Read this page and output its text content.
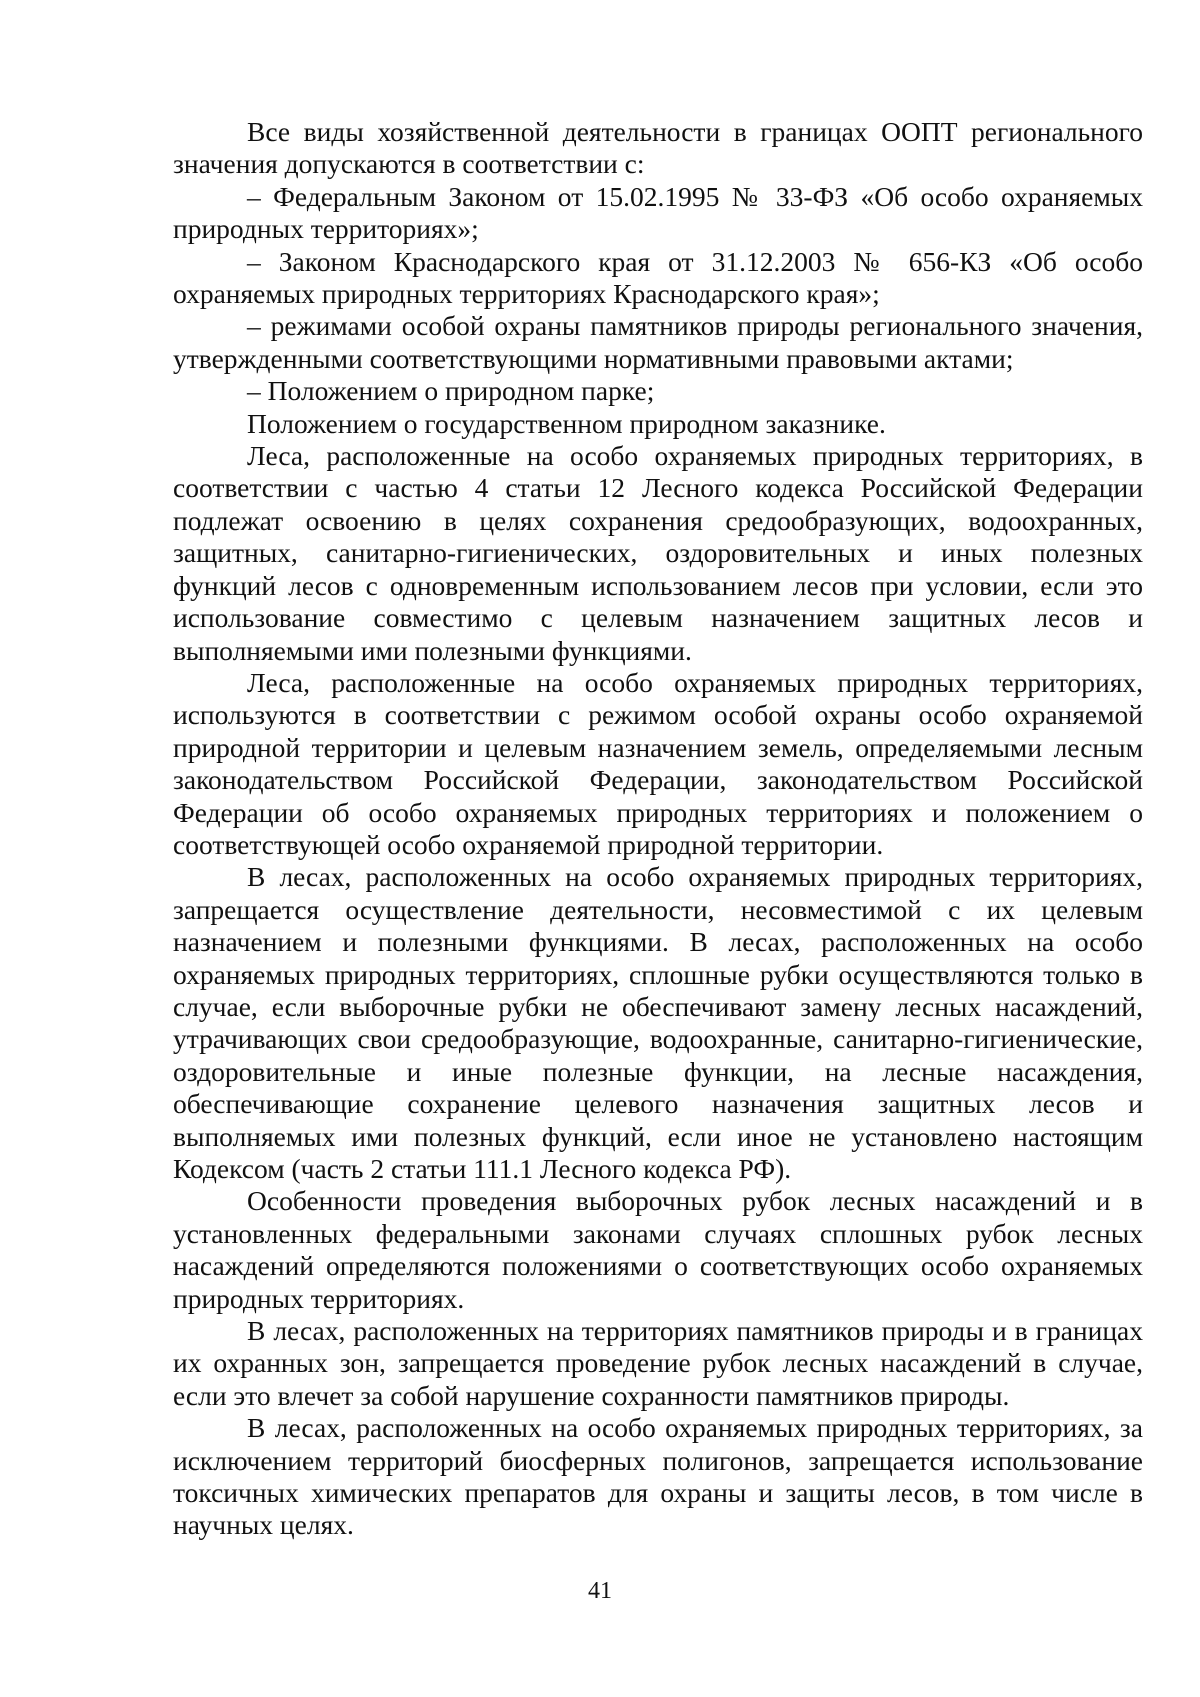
Все виды хозяйственной деятельности в границах ООПТ регионального значения допускаются в соответствии с:

– Федеральным Законом от 15.02.1995 № 33-ФЗ «Об особо охраняемых природных территориях»;

– Законом Краснодарского края от 31.12.2003 № 656-КЗ «Об особо охраняемых природных территориях Краснодарского края»;

– режимами особой охраны памятников природы регионального значения, утвержденными соответствующими нормативными правовыми актами;

– Положением о природном парке;

Положением о государственном природном заказнике.

Леса, расположенные на особо охраняемых природных территориях, в соответствии с частью 4 статьи 12 Лесного кодекса Российской Федерации подлежат освоению в целях сохранения средообразующих, водоохранных, защитных, санитарно-гигиенических, оздоровительных и иных полезных функций лесов с одновременным использованием лесов при условии, если это использование совместимо с целевым назначением защитных лесов и выполняемыми ими полезными функциями.

Леса, расположенные на особо охраняемых природных территориях, используются в соответствии с режимом особой охраны особо охраняемой природной территории и целевым назначением земель, определяемыми лесным законодательством Российской Федерации, законодательством Российской Федерации об особо охраняемых природных территориях и положением о соответствующей особо охраняемой природной территории.

В лесах, расположенных на особо охраняемых природных территориях, запрещается осуществление деятельности, несовместимой с их целевым назначением и полезными функциями. В лесах, расположенных на особо охраняемых природных территориях, сплошные рубки осуществляются только в случае, если выборочные рубки не обеспечивают замену лесных насаждений, утрачивающих свои средообразующие, водоохранные, санитарно-гигиенические, оздоровительные и иные полезные функции, на лесные насаждения, обеспечивающие сохранение целевого назначения защитных лесов и выполняемых ими полезных функций, если иное не установлено настоящим Кодексом (часть 2 статьи 111.1 Лесного кодекса РФ).

Особенности проведения выборочных рубок лесных насаждений и в установленных федеральными законами случаях сплошных рубок лесных насаждений определяются положениями о соответствующих особо охраняемых природных территориях.

В лесах, расположенных на территориях памятников природы и в границах их охранных зон, запрещается проведение рубок лесных насаждений в случае, если это влечет за собой нарушение сохранности памятников природы.

В лесах, расположенных на особо охраняемых природных территориях, за исключением территорий биосферных полигонов, запрещается использование токсичных химических препаратов для охраны и защиты лесов, в том числе в научных целях.

41
